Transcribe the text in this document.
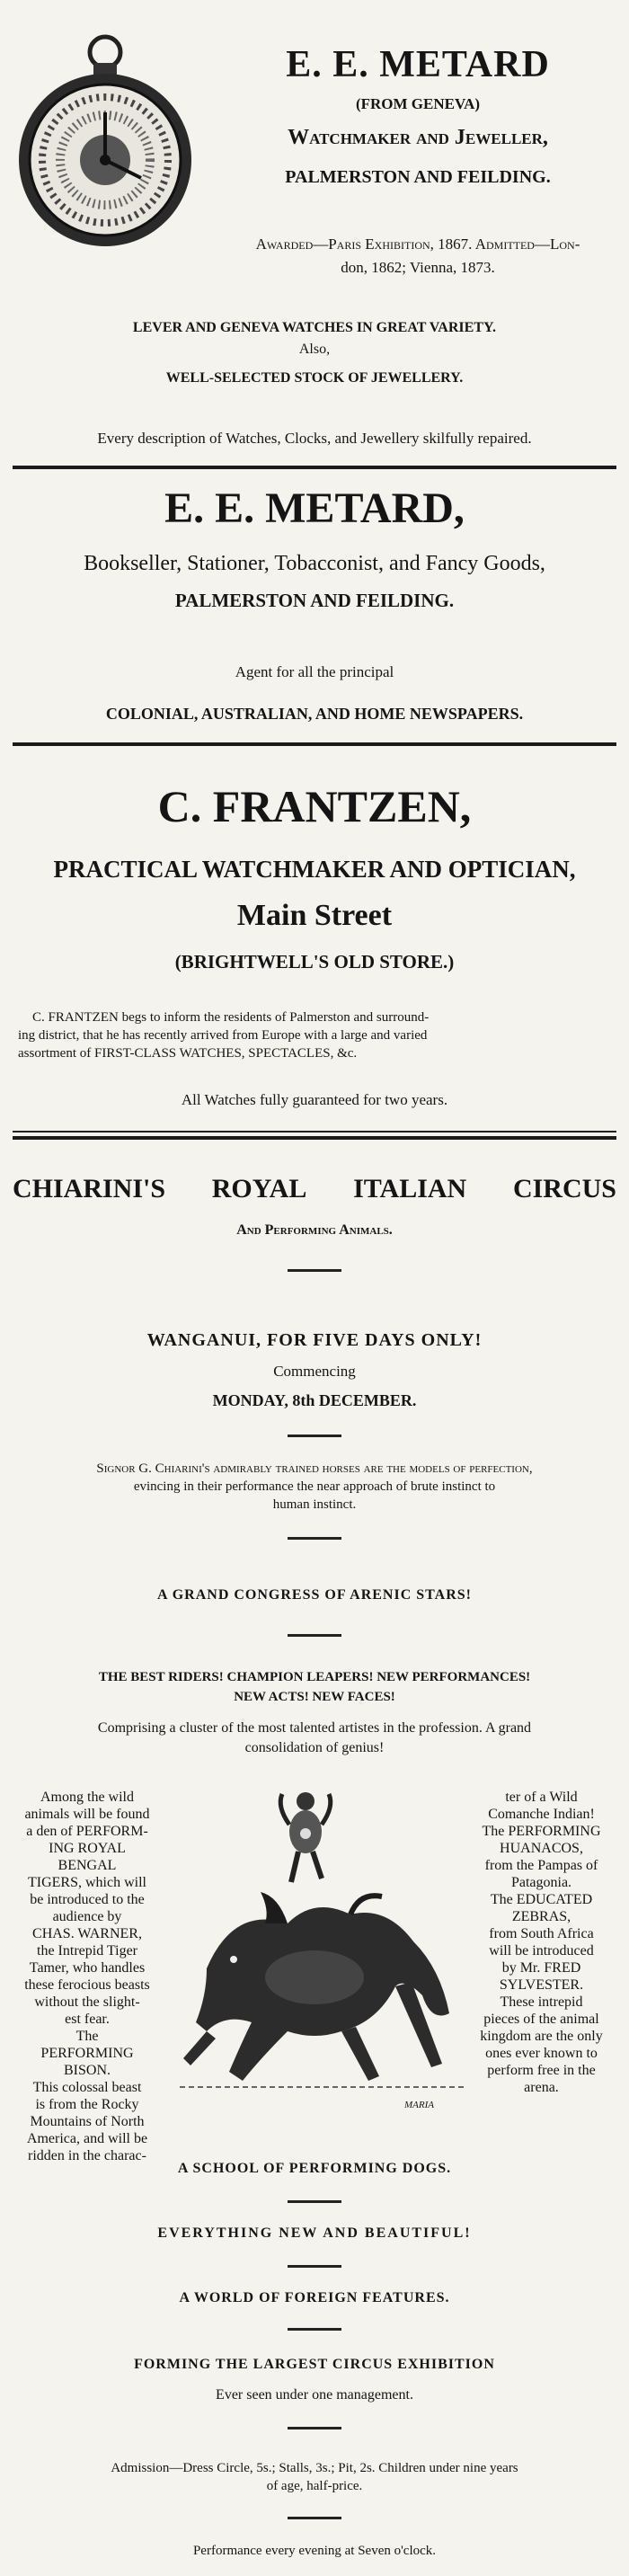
E. E. METARD
(FROM GENEVA)
Watchmaker and Jeweller,
PALMERSTON AND FEILDING.
Awarded—Paris Exhibition, 1867. Admitted—Lon-
don, 1862; Vienna, 1873.
LEVER AND GENEVA WATCHES IN GREAT VARIETY.
Also,
WELL-SELECTED STOCK OF JEWELLERY.
Every description of Watches, Clocks, and Jewellery skilfully repaired.
E. E. METARD,
Bookseller, Stationer, Tobacconist, and Fancy Goods,
PALMERSTON AND FEILDING.
Agent for all the principal
COLONIAL, AUSTRALIAN, AND HOME NEWSPAPERS.
C. FRANTZEN,
PRACTICAL WATCHMAKER AND OPTICIAN,
Main Street
(BRIGHTWELL'S OLD STORE.)
C. FRANTZEN begs to inform the residents of Palmerston and surround-
ing district, that he has recently arrived from Europe with a large and varied
assortment of FIRST-CLASS WATCHES, SPECTACLES, &c.
All Watches fully guaranteed for two years.
CHIARINI'S ROYAL ITALIAN CIRCUS
And Performing Animals.
WANGANUI, FOR FIVE DAYS ONLY!
Commencing
MONDAY, 8th DECEMBER.
Signor G. Chiarini's admirably trained horses are the models of perfection,
evincing in their performance the near approach of brute instinct to
human instinct.
A GRAND CONGRESS OF ARENIC STARS!
THE BEST RIDERS! CHAMPION LEAPERS! NEW PERFORMANCES!
NEW ACTS! NEW FACES!
Comprising a cluster of the most talented artistes in the profession. A grand
consolidation of genius!
Among the wild
animals will be found
a den of PERFORM-
ING ROYAL BENGAL
TIGERS, which will
be introduced to the
audience by
CHAS. WARNER,
the Intrepid Tiger
Tamer, who handles
these ferocious beasts
without the slight-
est fear.
The
PERFORMING BISON.
This colossal beast
is from the Rocky
Mountains of North
America, and will be
ridden in the charac-
ter of a Wild
Comanche Indian!
The PERFORMING
HUANACOS,
from the Pampas of
Patagonia.
The EDUCATED
ZEBRAS,
from South Africa
will be introduced
by Mr. FRED SYLVESTER.
These intrepid
pieces of the animal
kingdom are the only
ones ever known to
perform free in the
arena.
MARIA
A SCHOOL OF PERFORMING DOGS.
EVERYTHING NEW AND BEAUTIFUL!
A WORLD OF FOREIGN FEATURES.
FORMING THE LARGEST CIRCUS EXHIBITION
Ever seen under one management.
Admission—Dress Circle, 5s.; Stalls, 3s.; Pit, 2s. Children under nine years
of age, half-price.
Performance every evening at Seven o'clock.
